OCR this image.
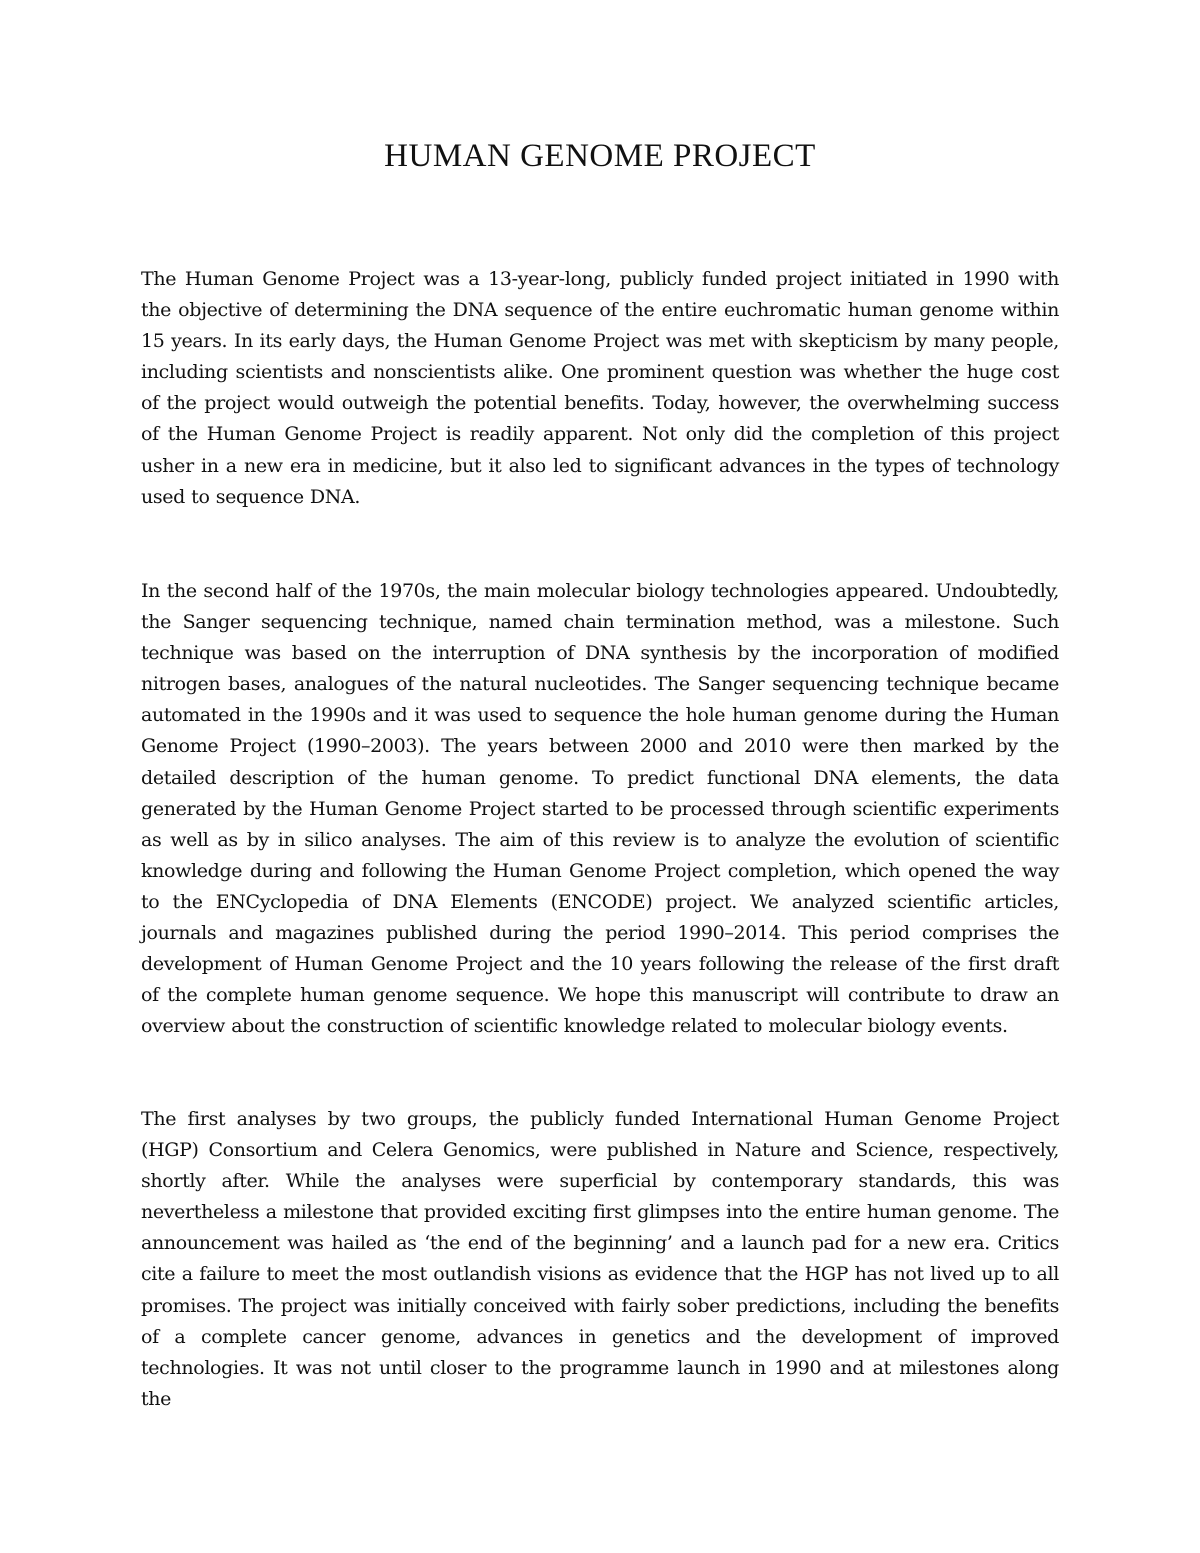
HUMAN GENOME PROJECT

The Human Genome Project was a 13-year-long, publicly funded project initiated in 1990 with the objective of determining the DNA sequence of the entire euchromatic human genome within 15 years. In its early days, the Human Genome Project was met with skepticism by many people, including scientists and nonscientists alike. One prominent question was whether the huge cost of the project would outweigh the potential benefits. Today, however, the overwhelming success of the Human Genome Project is readily apparent. Not only did the completion of this project usher in a new era in medicine, but it also led to significant advances in the types of technology used to sequence DNA.

In the second half of the 1970s, the main molecular biology technologies appeared. Undoubtedly, the Sanger sequencing technique, named chain termination method, was a milestone. Such technique was based on the interruption of DNA synthesis by the incorporation of modified nitrogen bases, analogues of the natural nucleotides. The Sanger sequencing technique became automated in the 1990s and it was used to sequence the hole human genome during the Human Genome Project (1990–2003). The years between 2000 and 2010 were then marked by the detailed description of the human genome. To predict functional DNA elements, the data generated by the Human Genome Project started to be processed through scientific experiments as well as by in silico analyses. The aim of this review is to analyze the evolution of scientific knowledge during and following the Human Genome Project completion, which opened the way to the ENCyclopedia of DNA Elements (ENCODE) project. We analyzed scientific articles, journals and magazines published during the period 1990–2014. This period comprises the development of Human Genome Project and the 10 years following the release of the first draft of the complete human genome sequence. We hope this manuscript will contribute to draw an overview about the construction of scientific knowledge related to molecular biology events.

The first analyses by two groups, the publicly funded International Human Genome Project (HGP) Consortium and Celera Genomics, were published in Nature and Science, respectively, shortly after. While the analyses were superficial by contemporary standards, this was nevertheless a milestone that provided exciting first glimpses into the entire human genome. The announcement was hailed as ‘the end of the beginning’ and a launch pad for a new era. Critics cite a failure to meet the most outlandish visions as evidence that the HGP has not lived up to all promises. The project was initially conceived with fairly sober predictions, including the benefits of a complete cancer genome, advances in genetics and the development of improved technologies. It was not until closer to the programme launch in 1990 and at milestones along the
